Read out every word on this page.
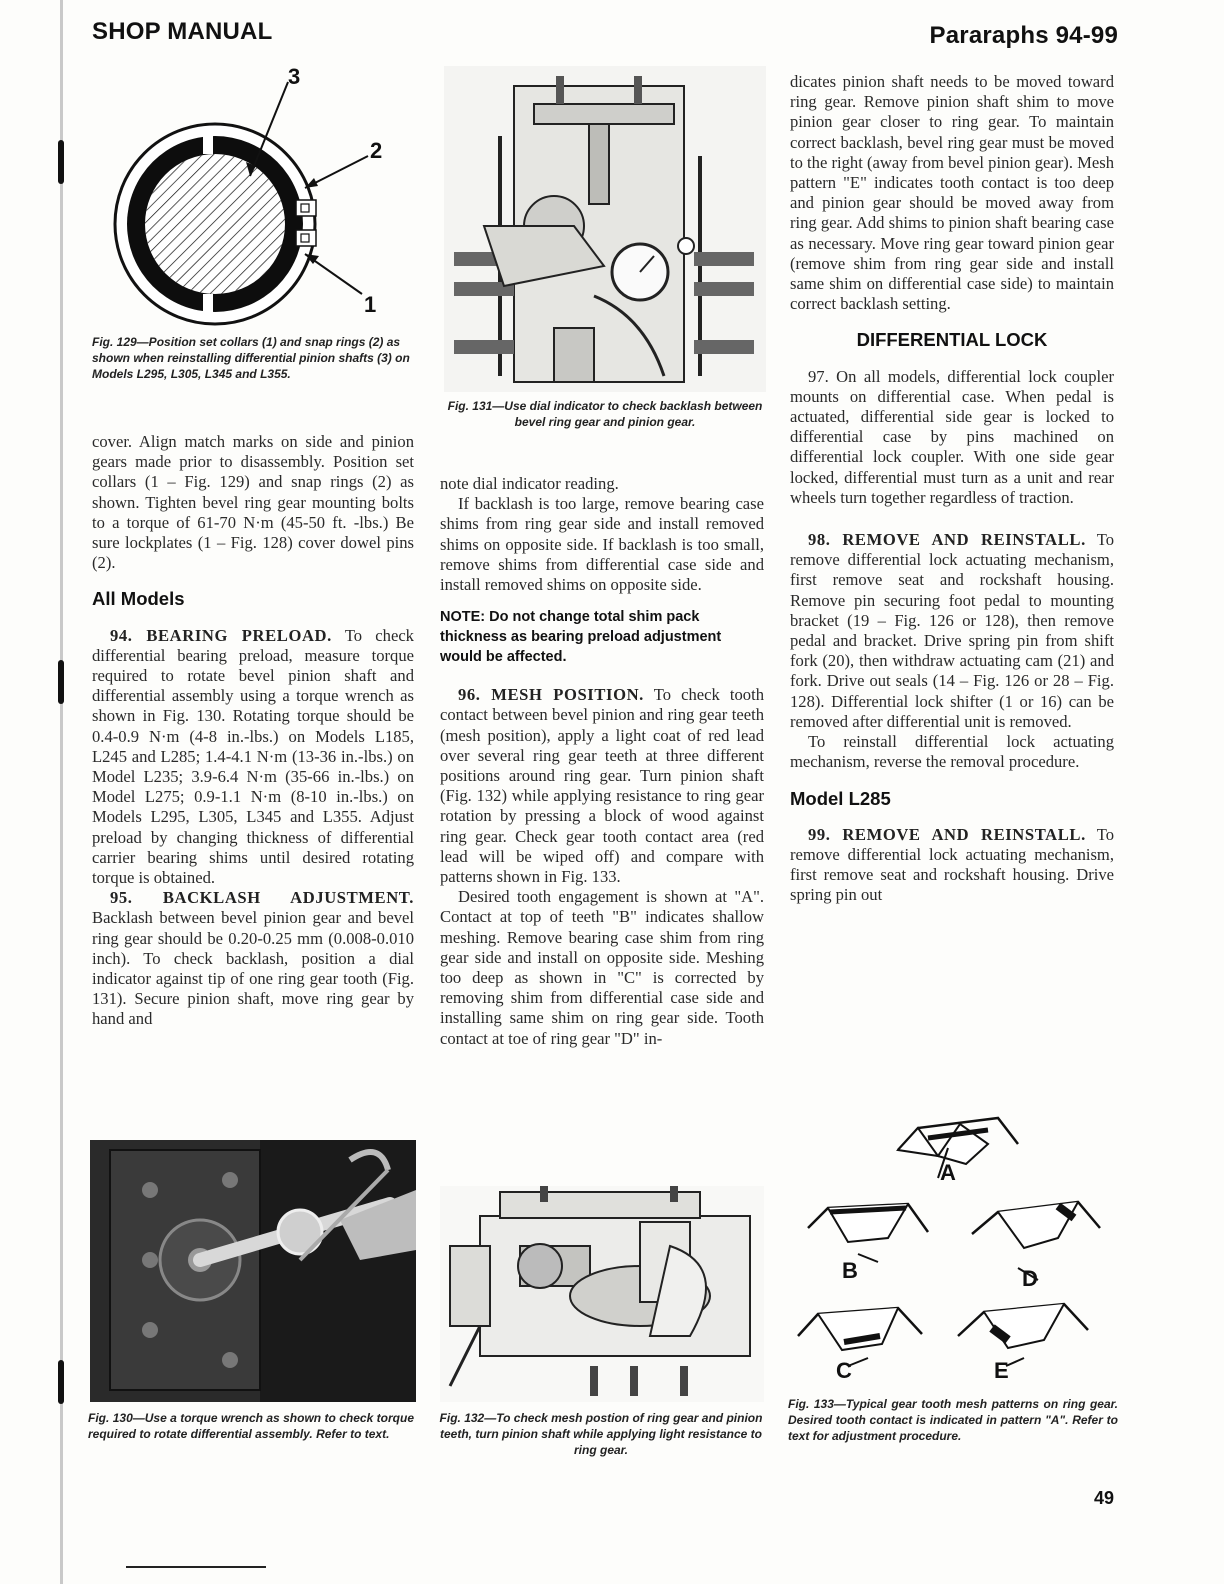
SHOP MANUAL	Pararaphs 94-99
3
2
1
Fig. 129—Position set collars (1) and snap rings (2) as shown when reinstalling differential pinion shafts (3) on Models L295, L305, L345 and L355.
Fig. 131—Use dial indicator to check backlash between bevel ring gear and pinion gear.

cover. Align match marks on side and pinion gears made prior to disassembly. Position set collars (1 – Fig. 129) and snap rings (2) as shown. Tighten bevel ring gear mounting bolts to a torque of 61-70 N·m (45-50 ft. -lbs.) Be sure lockplates (1 – Fig. 128) cover dowel pins (2).

All Models

94. BEARING PRELOAD. To check differential bearing preload, measure torque required to rotate bevel pinion shaft and differential assembly using a torque wrench as shown in Fig. 130. Rotating torque should be 0.4-0.9 N·m (4-8 in.-lbs.) on Models L185, L245 and L285; 1.4-4.1 N·m (13-36 in.-lbs.) on Model L235; 3.9-6.4 N·m (35-66 in.-lbs.) on Model L275; 0.9-1.1 N·m (8-10 in.-lbs.) on Models L295, L305, L345 and L355. Adjust preload by changing thickness of differential carrier bearing shims until desired rotating torque is obtained.

95. BACKLASH ADJUSTMENT. Backlash between bevel pinion gear and bevel ring gear should be 0.20-0.25 mm (0.008-0.010 inch). To check backlash, position a dial indicator against tip of one ring gear tooth (Fig. 131). Secure pinion shaft, move ring gear by hand and

note dial indicator reading.

If backlash is too large, remove bearing case shims from ring gear side and install removed shims on opposite side. If backlash is too small, remove shims from differential case side and install removed shims on opposite side.

NOTE: Do not change total shim pack thickness as bearing preload adjustment would be affected.

96. MESH POSITION. To check tooth contact between bevel pinion and ring gear teeth (mesh position), apply a light coat of red lead over several ring gear teeth at three different positions around ring gear. Turn pinion shaft (Fig. 132) while applying resistance to ring gear rotation by pressing a block of wood against ring gear. Check gear tooth contact area (red lead will be wiped off) and compare with patterns shown in Fig. 133.

Desired tooth engagement is shown at "A". Contact at top of teeth "B" indicates shallow meshing. Remove bearing case shim from ring gear side and install on opposite side. Meshing too deep as shown in "C" is corrected by removing shim from differential case side and installing same shim on ring gear side. Tooth contact at toe of ring gear "D" in-

dicates pinion shaft needs to be moved toward ring gear. Remove pinion shaft shim to move pinion gear closer to ring gear. To maintain correct backlash, bevel ring gear must be moved to the right (away from bevel pinion gear). Mesh pattern "E" indicates tooth contact is too deep and pinion gear should be moved away from ring gear. Add shims to pinion shaft bearing case as necessary. Move ring gear toward pinion gear (remove shim from ring gear side and install same shim on differential case side) to maintain correct backlash setting.

DIFFERENTIAL LOCK

97. On all models, differential lock coupler mounts on differential case. When pedal is actuated, differential side gear is locked to differential case by pins machined on differential lock coupler. With one side gear locked, differential must turn as a unit and rear wheels turn together regardless of traction.

98. REMOVE AND REINSTALL. To remove differential lock actuating mechanism, first remove seat and rockshaft housing. Remove pin securing foot pedal to mounting bracket (19 – Fig. 126 or 128), then remove pedal and bracket. Drive spring pin from shift fork (20), then withdraw actuating cam (21) and fork. Drive out seals (14 – Fig. 126 or 28 – Fig. 128). Differential lock shifter (1 or 16) can be removed after differential unit is removed.

To reinstall differential lock actuating mechanism, reverse the removal procedure.

Model L285

99. REMOVE AND REINSTALL. To remove differential lock actuating mechanism, first remove seat and rockshaft housing. Drive spring pin out

Fig. 130—Use a torque wrench as shown to check torque required to rotate differential assembly. Refer to text.
Fig. 132—To check mesh postion of ring gear and pinion teeth, turn pinion shaft while applying light resistance to ring gear.
A
B	D
C	E
Fig. 133—Typical gear tooth mesh patterns on ring gear. Desired tooth contact is indicated in pattern "A". Refer to text for adjustment procedure.
49
